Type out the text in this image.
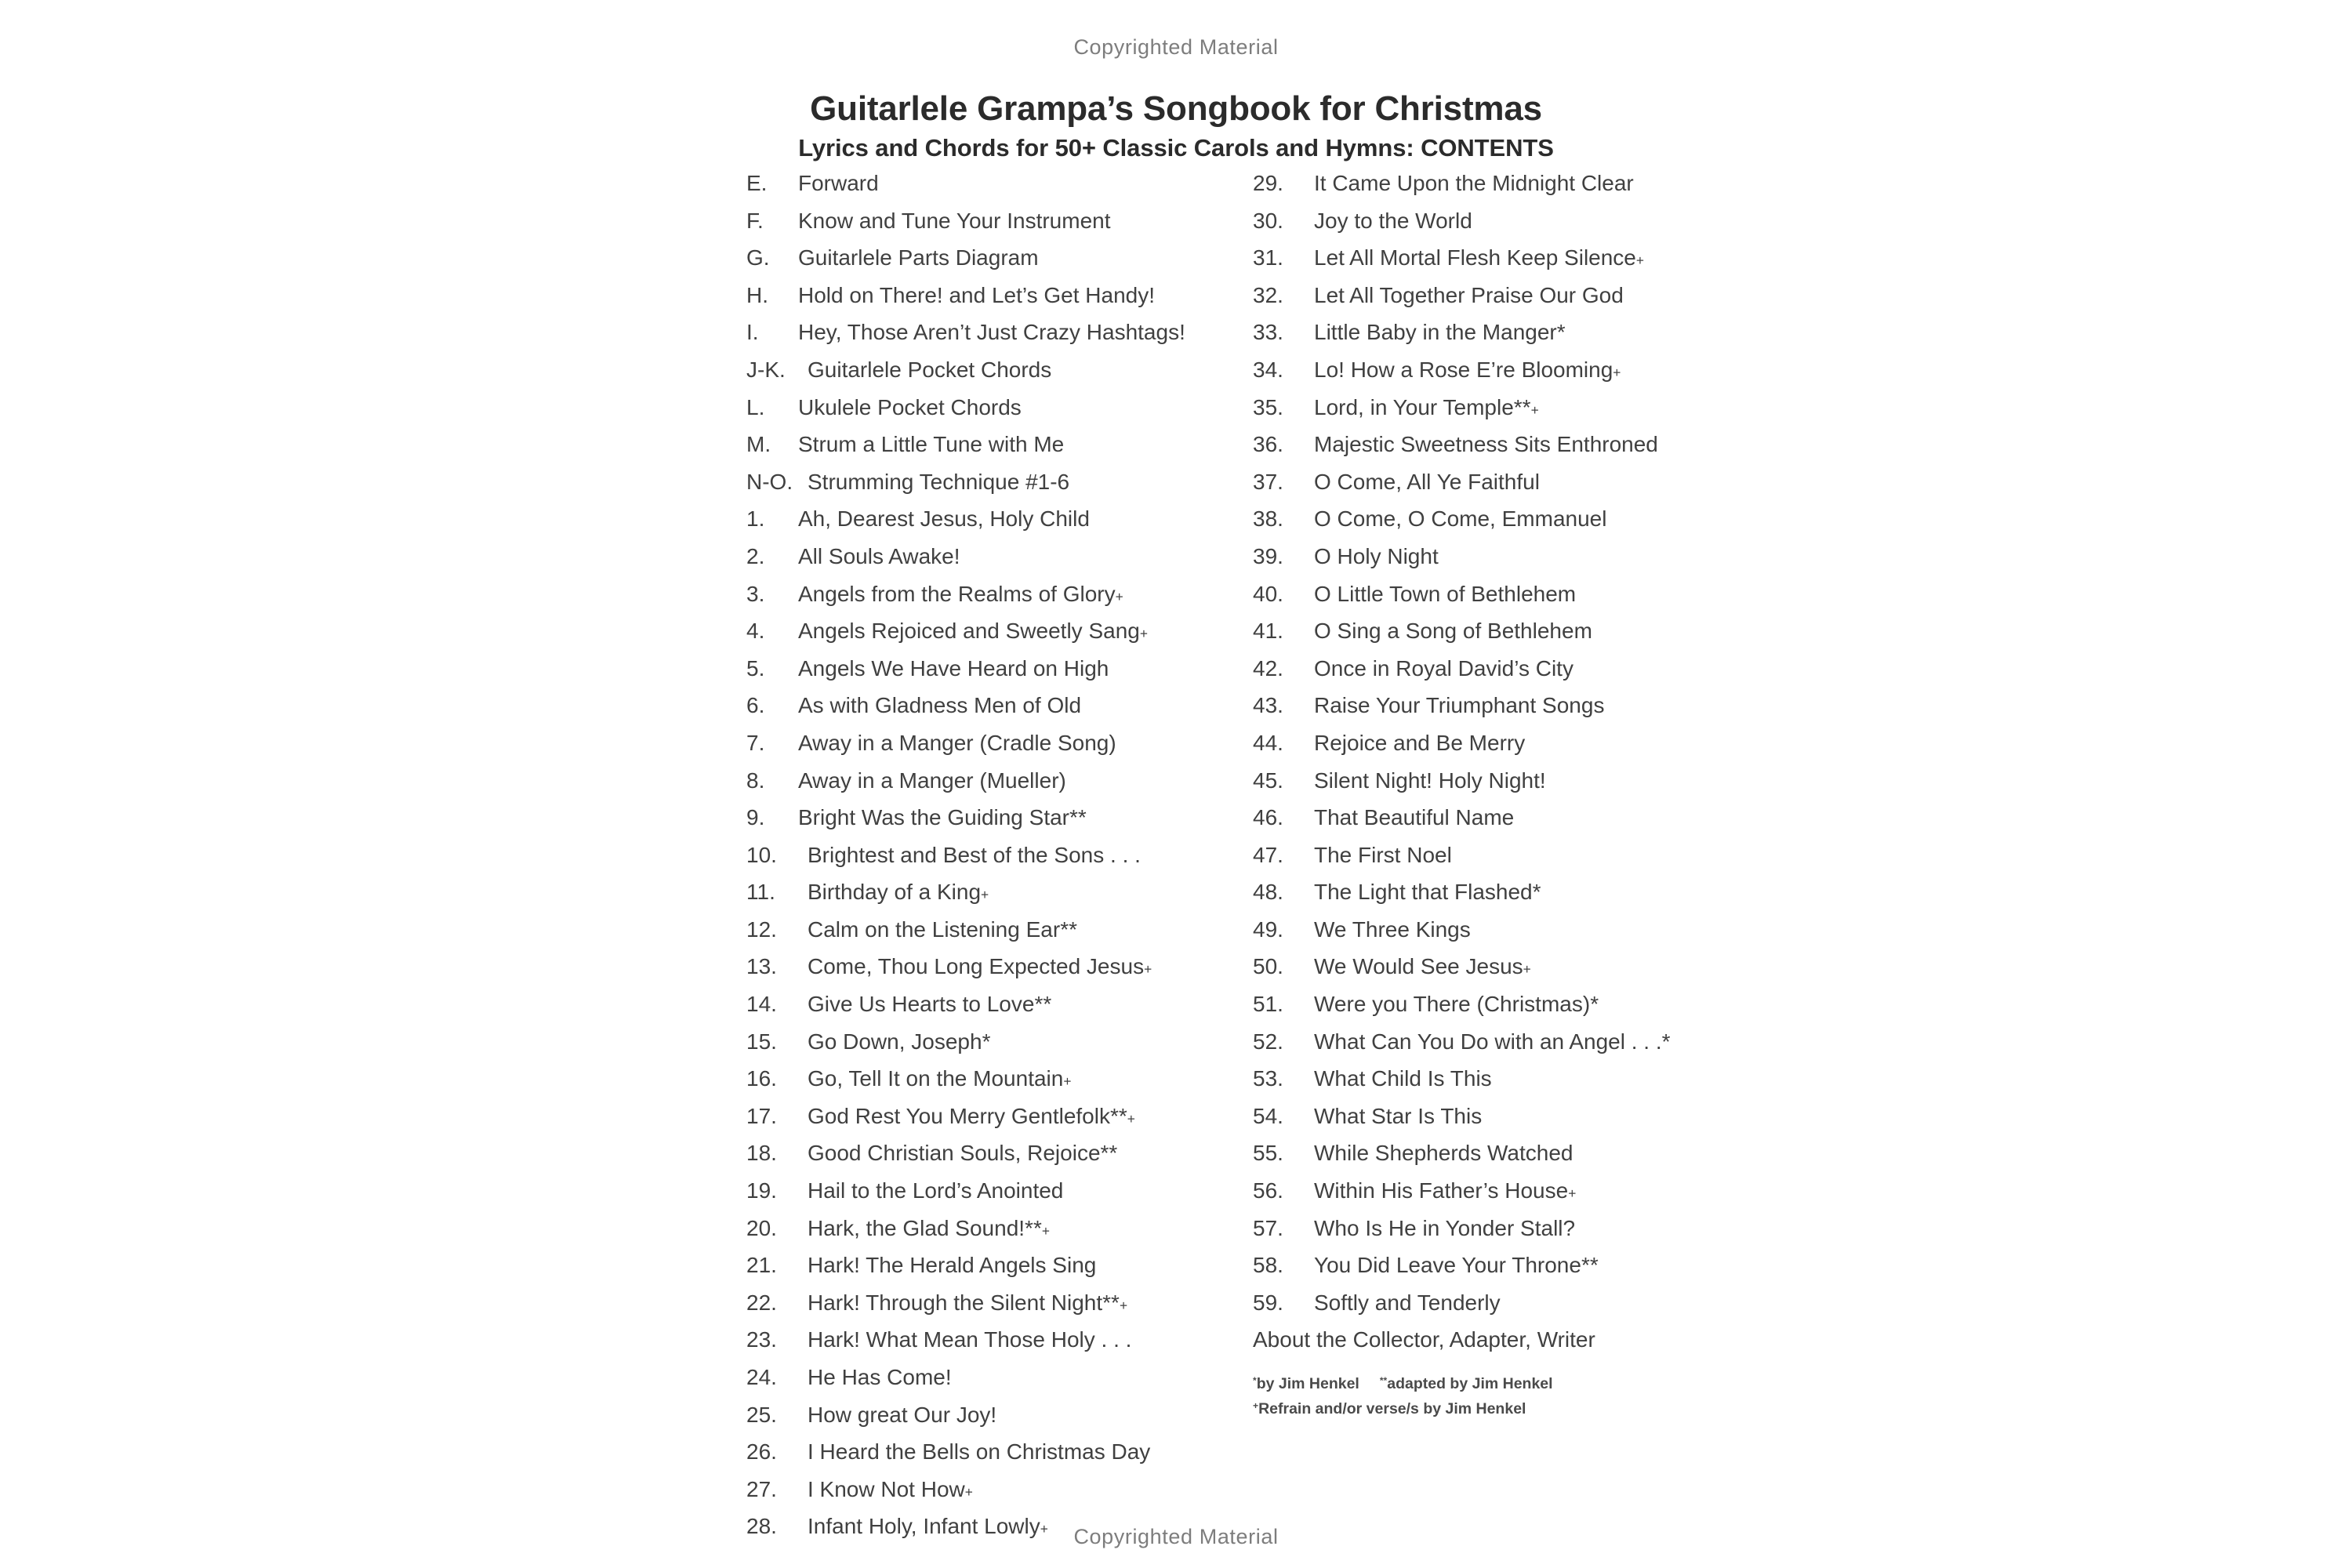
Copyrighted Material
Guitarlele Grampa’s Songbook for Christmas
Lyrics and Chords for 50+ Classic Carols and Hymns: CONTENTS
E.	Forward
F.	Know and Tune Your Instrument
G.	Guitarlele Parts Diagram
H.	Hold on There! and Let’s Get Handy!
I.	Hey, Those Aren’t Just Crazy Hashtags!
J-K.	Guitarlele Pocket Chords
L.	Ukulele Pocket Chords
M.	Strum a Little Tune with Me
N-O. Strumming Technique #1-6
1.	Ah, Dearest Jesus, Holy Child
2.	All Souls Awake!
3.	Angels from the Realms of Glory +
4.	Angels Rejoiced and Sweetly Sang +
5.	Angels We Have Heard on High
6.	As with Gladness Men of Old
7.	Away in a Manger (Cradle Song)
8.	Away in a Manger (Mueller)
9.	Bright Was the Guiding Star **
10.	Brightest and Best of the Sons . . .
11.	Birthday of a King +
12.	Calm on the Listening Ear **
13.	Come, Thou Long Expected Jesus +
14.	Give Us Hearts to Love **
15.	Go Down, Joseph *
16.	Go, Tell It on the Mountain +
17.	God Rest You Merry Gentlefolk ** +
18.	Good Christian Souls, Rejoice **
19.	Hail to the Lord’s Anointed
20.	Hark, the Glad Sound! ** +
21.	Hark! The Herald Angels Sing
22.	Hark! Through the Silent Night ** +
23.	Hark! What Mean Those Holy . . .
24.	He Has Come!
25.	How great Our Joy!
26.	I Heard the Bells on Christmas Day
27.	I Know Not How +
28.	Infant Holy, Infant Lowly +
29.	It Came Upon the Midnight Clear
30.	Joy to the World
31.	Let All Mortal Flesh Keep Silence +
32.	Let All Together Praise Our God
33.	Little Baby in the Manger *
34.	Lo! How a Rose E’re Blooming +
35.	Lord, in Your Temple ** +
36.	Majestic Sweetness Sits Enthroned
37.	O Come, All Ye Faithful
38.	O Come, O Come, Emmanuel
39.	O Holy Night
40.	O Little Town of Bethlehem
41.	O Sing a Song of Bethlehem
42.	Once in Royal David’s City
43.	Raise Your Triumphant Songs
44.	Rejoice and Be Merry
45.	Silent Night! Holy Night!
46.	That Beautiful Name
47.	The First Noel
48.	The Light that Flashed *
49.	We Three Kings
50.	We Would See Jesus +
51.	Were you There (Christmas) *
52.	What Can You Do with an Angel . . . *
53.	What Child Is This
54.	What Star Is This
55.	While Shepherds Watched
56.	Within His Father’s House +
57.	Who Is He in Yonder Stall?
58.	You Did Leave Your Throne **
59.	Softly and Tenderly
About the Collector, Adapter, Writer
*by Jim Henkel **adapted by Jim Henkel
+Refrain and/or verse/s by Jim Henkel
Copyrighted Material
